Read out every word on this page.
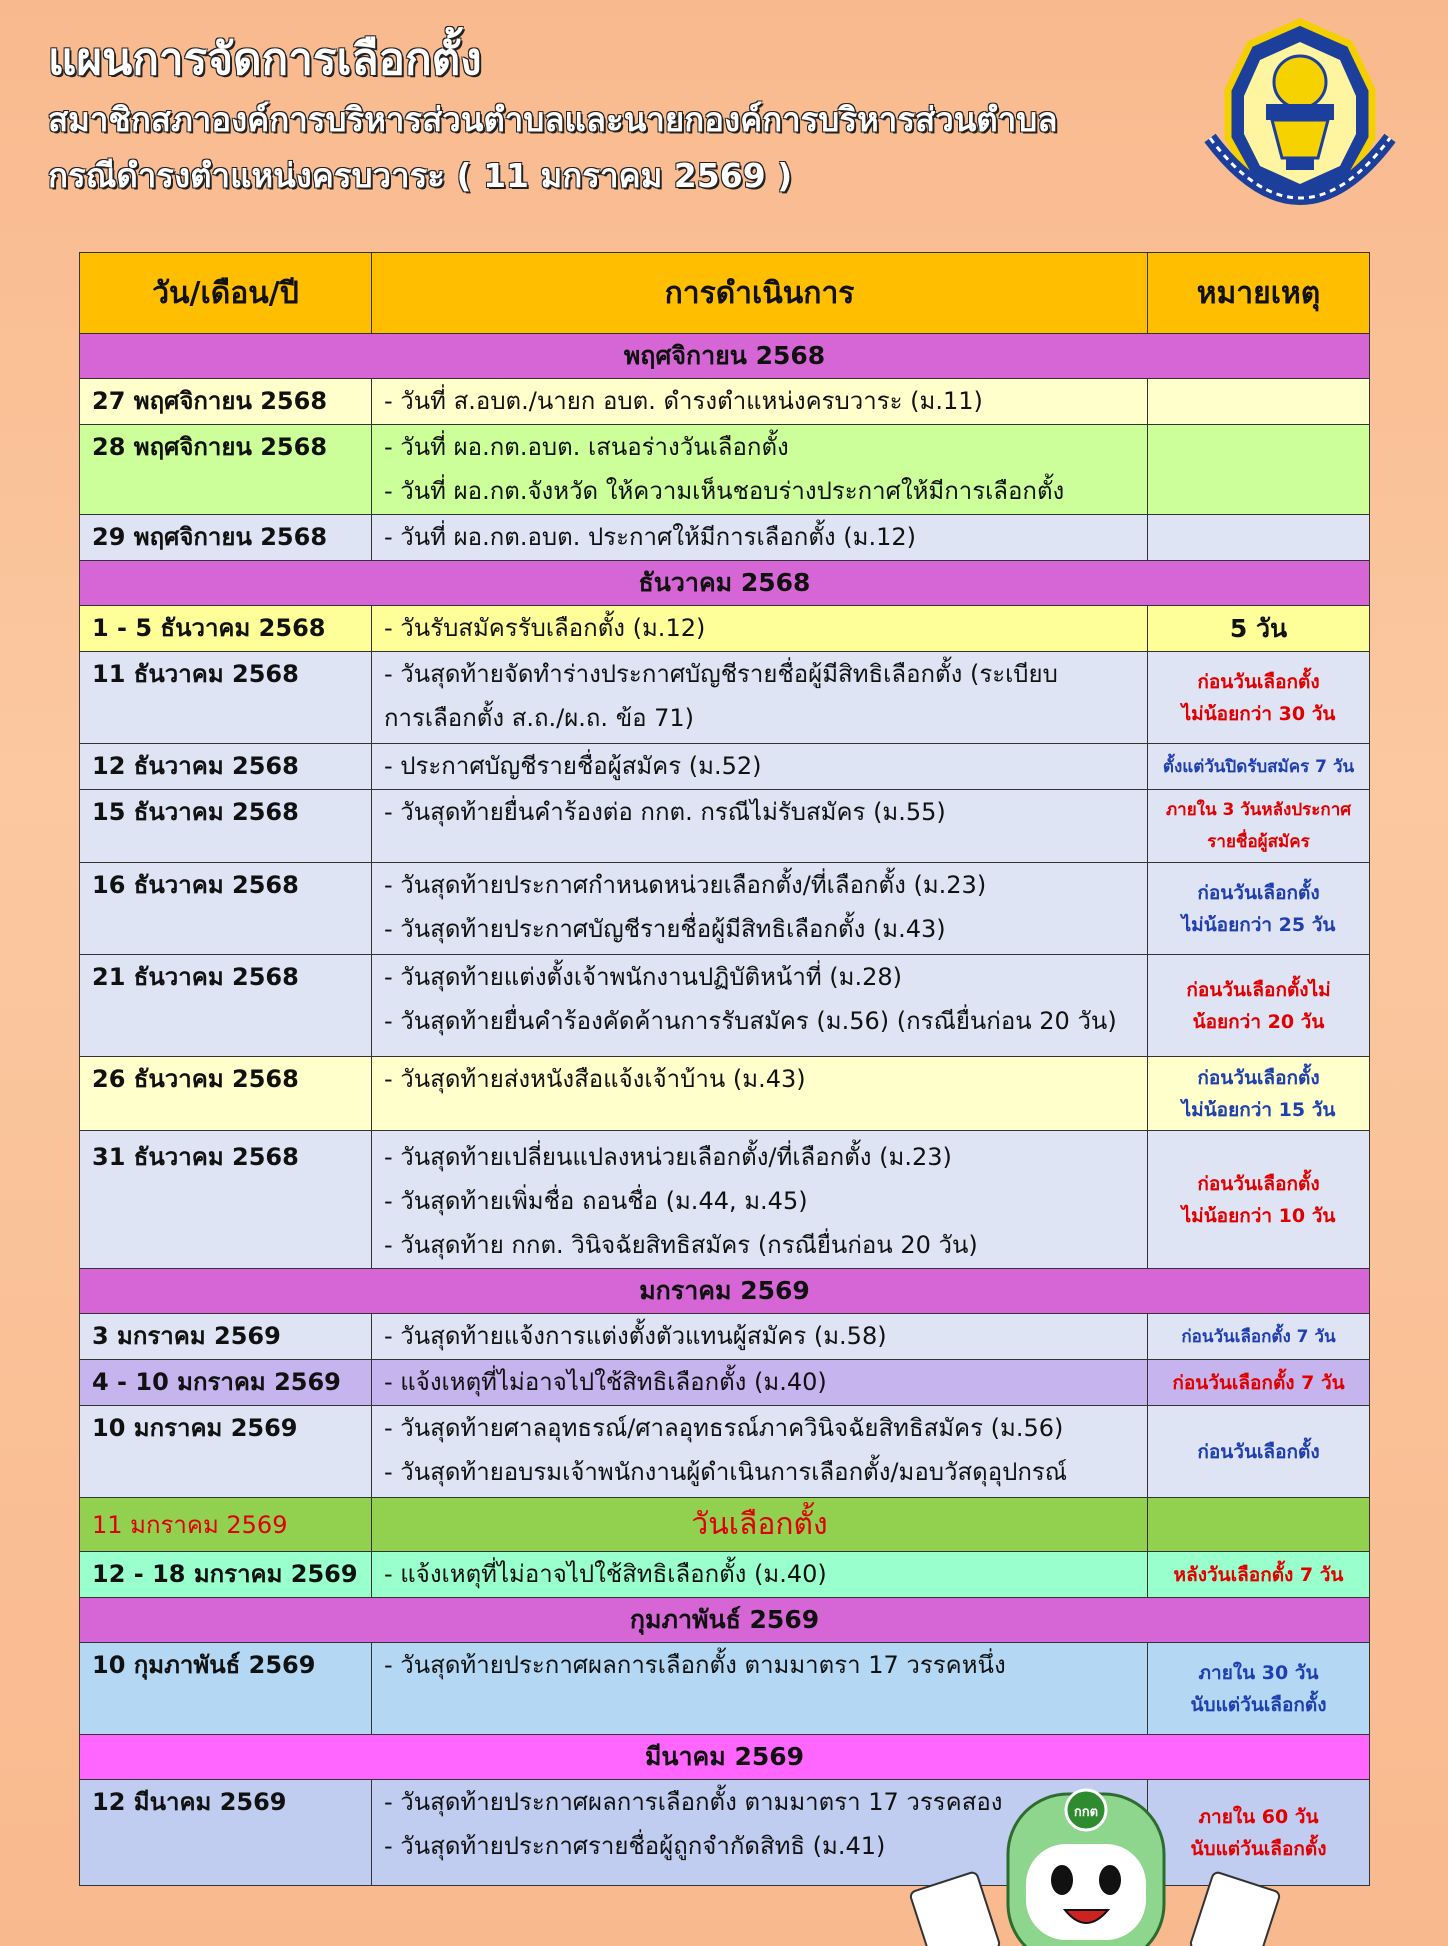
แผนการจัดการเลือกตั้ง
สมาชิกสภาองค์การบริหารส่วนตำบลและนายกองค์การบริหารส่วนตำบล
กรณีดำรงตำแหน่งครบวาระ ( 11 มกราคม 2569 )
วัน/เดือน/ปี	การดำเนินการ	หมายเหตุ
พฤศจิกายน 2568		
27 พฤศจิกายน 2568	- วันที่ ส.อบต./นายก อบต. ดำรงตำแหน่งครบวาระ (ม.11)	

28 พฤศจิกายน 2568	- วันที่ ผอ.กต.อบต. เสนอร่างวันเลือกตั้ง
- วันที่ ผอ.กต.จังหวัด ให้ความเห็นชอบร่างประกาศให้มีการเลือกตั้ง	

29 พฤศจิกายน 2568	- วันที่ ผอ.กต.อบต. ประกาศให้มีการเลือกตั้ง (ม.12)	

ธันวาคม 2568		
1 - 5 ธันวาคม 2568	- วันรับสมัครรับเลือกตั้ง (ม.12)	5 วัน
11 ธันวาคม 2568	- วันสุดท้ายจัดทำร่างประกาศบัญชีรายชื่อผู้มีสิทธิเลือกตั้ง (ระเบียบ
การเลือกตั้ง ส.ถ./ผ.ถ. ข้อ 71)	ก่อนวันเลือกตั้ง
ไม่น้อยกว่า 30 วัน

12 ธันวาคม 2568	- ประกาศบัญชีรายชื่อผู้สมัคร (ม.52)	ตั้งแต่วันปิดรับสมัคร 7 วัน
15 ธันวาคม 2568	- วันสุดท้ายยื่นคำร้องต่อ กกต. กรณีไม่รับสมัคร (ม.55)	ภายใน 3 วันหลังประกาศ
รายชื่อผู้สมัคร

16 ธันวาคม 2568	- วันสุดท้ายประกาศกำหนดหน่วยเลือกตั้ง/ที่เลือกตั้ง (ม.23)
- วันสุดท้ายประกาศบัญชีรายชื่อผู้มีสิทธิเลือกตั้ง (ม.43)	ก่อนวันเลือกตั้ง
ไม่น้อยกว่า 25 วัน

21 ธันวาคม 2568	- วันสุดท้ายแต่งตั้งเจ้าพนักงานปฏิบัติหน้าที่ (ม.28)
- วันสุดท้ายยื่นคำร้องคัดค้านการรับสมัคร (ม.56) (กรณียื่นก่อน 20 วัน)	ก่อนวันเลือกตั้งไม่
น้อยกว่า 20 วัน

26 ธันวาคม 2568	- วันสุดท้ายส่งหนังสือแจ้งเจ้าบ้าน (ม.43)	ก่อนวันเลือกตั้ง
ไม่น้อยกว่า 15 วัน

31 ธันวาคม 2568	- วันสุดท้ายเปลี่ยนแปลงหน่วยเลือกตั้ง/ที่เลือกตั้ง (ม.23)
- วันสุดท้ายเพิ่มชื่อ ถอนชื่อ (ม.44, ม.45)
- วันสุดท้าย กกต. วินิจฉัยสิทธิสมัคร (กรณียื่นก่อน 20 วัน)	ก่อนวันเลือกตั้ง
ไม่น้อยกว่า 10 วัน

มกราคม 2569		
3 มกราคม 2569	- วันสุดท้ายแจ้งการแต่งตั้งตัวแทนผู้สมัคร (ม.58)	ก่อนวันเลือกตั้ง 7 วัน
4 - 10 มกราคม 2569	- แจ้งเหตุที่ไม่อาจไปใช้สิทธิเลือกตั้ง (ม.40)	ก่อนวันเลือกตั้ง 7 วัน
10 มกราคม 2569	- วันสุดท้ายศาลอุทธรณ์/ศาลอุทธรณ์ภาควินิจฉัยสิทธิสมัคร (ม.56)
- วันสุดท้ายอบรมเจ้าพนักงานผู้ดำเนินการเลือกตั้ง/มอบวัสดุอุปกรณ์	ก่อนวันเลือกตั้ง
11 มกราคม 2569	วันเลือกตั้ง	
12 - 18 มกราคม 2569	- แจ้งเหตุที่ไม่อาจไปใช้สิทธิเลือกตั้ง (ม.40)	หลังวันเลือกตั้ง 7 วัน
กุมภาพันธ์ 2569		
10 กุมภาพันธ์ 2569	- วันสุดท้ายประกาศผลการเลือกตั้ง ตามมาตรา 17 วรรคหนึ่ง	ภายใน 30 วัน
นับแต่วันเลือกตั้ง

มีนาคม 2569		
12 มีนาคม 2569	- วันสุดท้ายประกาศผลการเลือกตั้ง ตามมาตรา 17 วรรคสอง
- วันสุดท้ายประกาศรายชื่อผู้ถูกจำกัดสิทธิ (ม.41)	ภายใน 60 วัน
นับแต่วันเลือกตั้ง
กกต
